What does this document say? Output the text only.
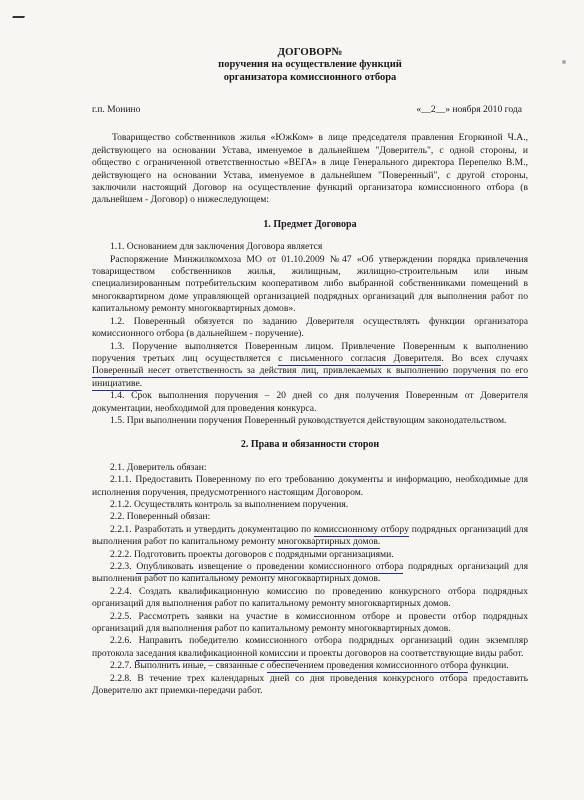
ДОГОВОР№
поручения на осуществление функций
организатора комиссионного отбора
г.п. Монино	«__2__» ноября 2010 года

Товарищество собственников жилья «ЮжКом» в лице председателя правления Егоркиной Ч.А., действующего на основании Устава, именуемое в дальнейшем "Доверитель", с одной стороны, и общество с ограниченной ответственностью «ВЕГА» в лице Генерального директора Перепелко В.М., действующего на основании Устава, именуемое в дальнейшем "Поверенный", с другой стороны, заключили настоящий Договор на осуществление функций организатора комиссионного отбора (в дальнейшем - Договор) о нижеследующем:

1. Предмет Договора

1.1. Основанием для заключения Договора является

Распоряжение Минжилкомхоза МО от 01.10.2009 №47 «Об утверждении порядка привлечения товариществом собственников жилья, жилищным, жилищно-строительным или иным специализированным потребительским кооперативом либо выбранной собственниками помещений в многоквартирном доме управляющей организацией подрядных организаций для выполнения работ по капитальному ремонту многоквартирных домов».

1.2. Поверенный обязуется по заданию Доверителя осуществлять функции организатора комиссионного отбора (в дальнейшем - поручение).

1.3. Поручение выполняется Поверенным лицом. Привлечение Поверенным к выполнению поручения третьих лиц осуществляется с письменного согласия Доверителя. Во всех случаях Поверенный несет ответственность за действия лиц, привлекаемых к выполнению поручения по его инициативе.

1.4. Срок выполнения поручения – 20 дней со дня получения Поверенным от Доверителя документации, необходимой для проведения конкурса.

1.5. При выполнении поручения Поверенный руководствуется действующим законодательством.

2. Права и обязанности сторон

2.1. Доверитель обязан:

2.1.1. Предоставить Поверенному по его требованию документы и информацию, необходимые для исполнения поручения, предусмотренного настоящим Договором.

2.1.2. Осуществлять контроль за выполнением поручения.

2.2. Поверенный обязан:

2.2.1. Разработать и утвердить документацию по комиссионному отбору подрядных организаций для выполнения работ по капитальному ремонту многоквартирных домов.

2.2.2. Подготовить проекты договоров с подрядными организациями.

2.2.3. Опубликовать извещение о проведении комиссионного отбора подрядных организаций для выполнения работ по капитальному ремонту многоквартирных домов.

2.2.4. Создать квалификационную комиссию по проведению конкурсного отбора подрядных организаций для выполнения работ по капитальному ремонту многоквартирных домов.

2.2.5. Рассмотреть заявки на участие в комиссионном отборе и провести отбор подрядных организаций для выполнения работ по капитальному ремонту многоквартирных домов.

2.2.6. Направить победителю комиссионного отбора подрядных организаций один экземпляр протокола заседания квалификационной комиссии и проекты договоров на соответствующие виды работ.

2.2.7. Выполнить иные, – связанные с обеспечением проведения комиссионного отбора функции.

2.2.8. В течение трех календарных дней со дня проведения конкурсного отбора предоставить Доверителю акт приемки-передачи работ.
